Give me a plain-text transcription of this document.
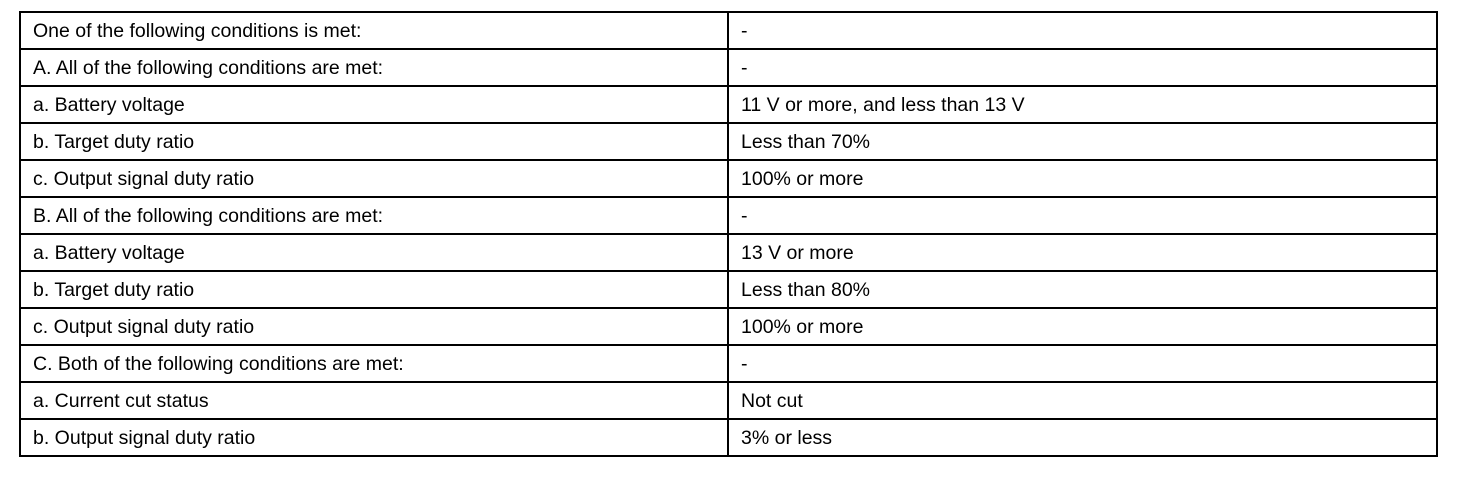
One of the following conditions is met:	-
A. All of the following conditions are met:	-
a. Battery voltage	11 V or more, and less than 13 V
b. Target duty ratio	Less than 70%
c. Output signal duty ratio	100% or more
B. All of the following conditions are met:	-
a. Battery voltage	13 V or more
b. Target duty ratio	Less than 80%
c. Output signal duty ratio	100% or more
C. Both of the following conditions are met:	-
a. Current cut status	Not cut
b. Output signal duty ratio	3% or less
